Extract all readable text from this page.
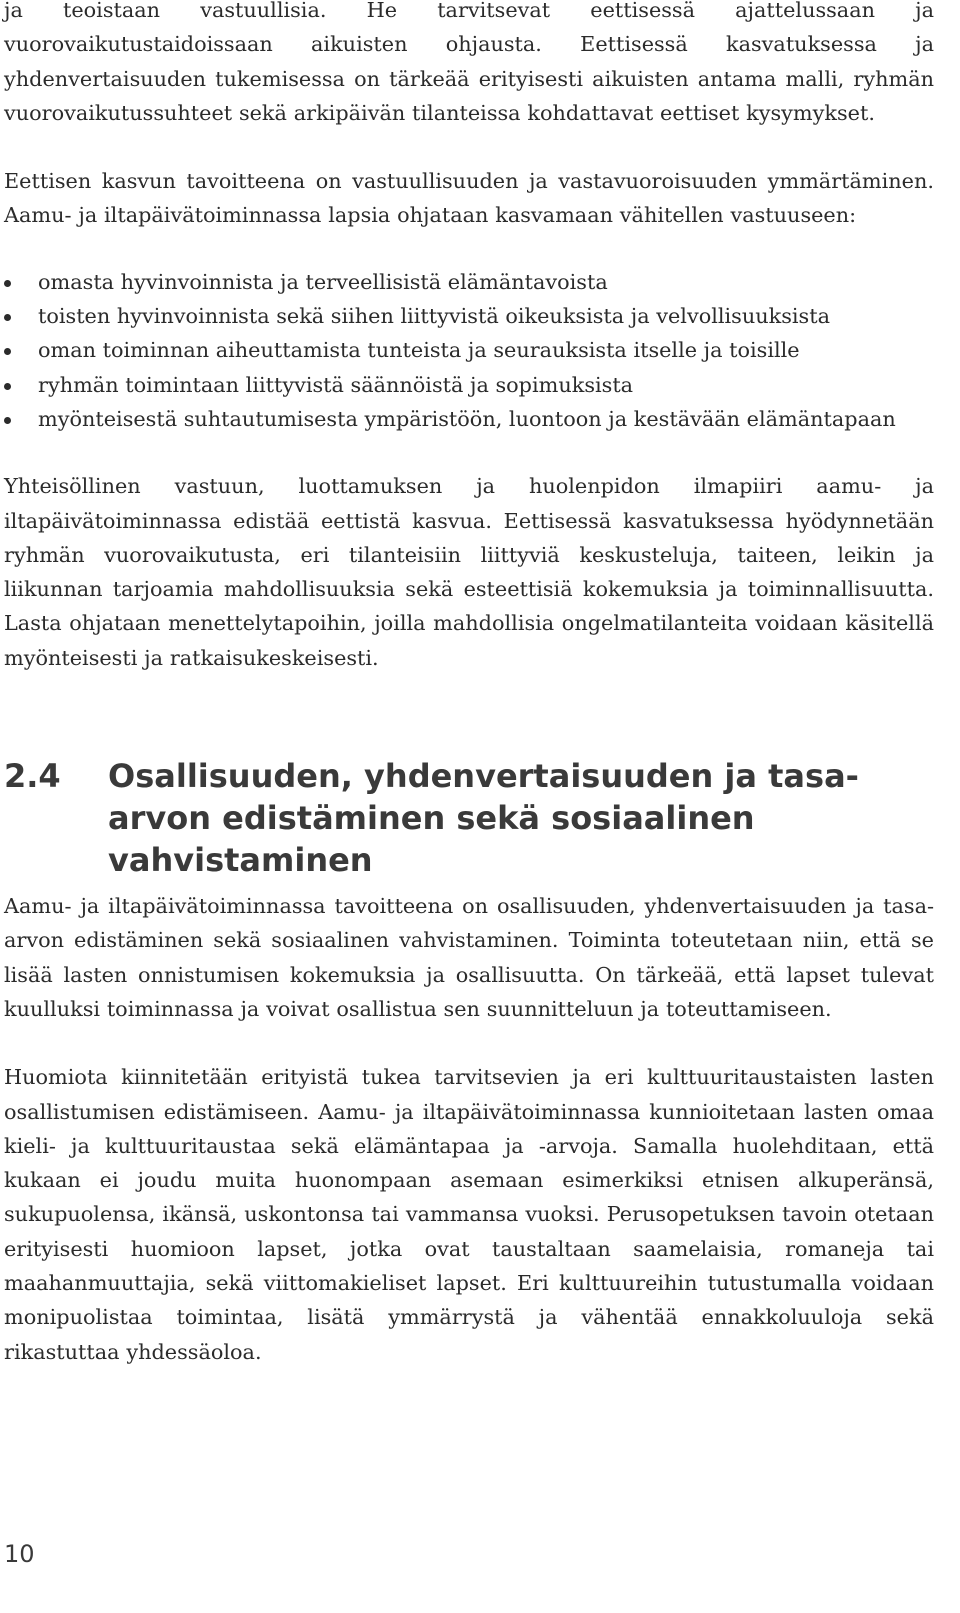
ja teoistaan vastuullisia. He tarvitsevat eettisessä ajattelussaan ja vuorovaikutustaidoissaan aikuisten ohjausta. Eettisessä kasvatuksessa ja yhdenvertaisuuden tukemisessa on tärkeää erityisesti aikuisten antama malli, ryhmän vuorovaikutussuhteet sekä arkipäivän tilanteissa kohdattavat eettiset kysymykset.

Eettisen kasvun tavoitteena on vastuullisuuden ja vastavuoroisuuden ymmärtäminen. Aamu- ja iltapäivätoiminnassa lapsia ohjataan kasvamaan vähitellen vastuuseen:

omasta hyvinvoinnista ja terveellisistä elämäntavoista
toisten hyvinvoinnista sekä siihen liittyvistä oikeuksista ja velvollisuuksista
oman toiminnan aiheuttamista tunteista ja seurauksista itselle ja toisille
ryhmän toimintaan liittyvistä säännöistä ja sopimuksista
myönteisestä suhtautumisesta ympäristöön, luontoon ja kestävään elämäntapaan

Yhteisöllinen vastuun, luottamuksen ja huolenpidon ilmapiiri aamu- ja iltapäivätoiminnassa edistää eettistä kasvua. Eettisessä kasvatuksessa hyödynnetään ryhmän vuorovaikutusta, eri tilanteisiin liittyviä keskusteluja, taiteen, leikin ja liikunnan tarjoamia mahdollisuuksia sekä esteettisiä kokemuksia ja toiminnallisuutta. Lasta ohjataan menettelytapoihin, joilla mahdollisia ongelmatilanteita voidaan käsitellä myönteisesti ja ratkaisukeskeisesti.

2.4	Osallisuuden, yhdenvertaisuuden ja tasa-arvon edistäminen sekä sosiaalinen vahvistaminen

Aamu- ja iltapäivätoiminnassa tavoitteena on osallisuuden, yhdenvertaisuuden ja tasa-arvon edistäminen sekä sosiaalinen vahvistaminen. Toiminta toteutetaan niin, että se lisää lasten onnistumisen kokemuksia ja osallisuutta. On tärkeää, että lapset tulevat kuulluksi toiminnassa ja voivat osallistua sen suunnitteluun ja toteuttamiseen.

Huomiota kiinnitetään erityistä tukea tarvitsevien ja eri kulttuuritaustaisten lasten osallistumisen edistämiseen. Aamu- ja iltapäivätoiminnassa kunnioitetaan lasten omaa kieli- ja kulttuuritaustaa sekä elämäntapaa ja -arvoja. Samalla huolehditaan, että kukaan ei joudu muita huonompaan asemaan esimerkiksi etnisen alkuperänsä, sukupuolensa, ikänsä, uskontonsa tai vammansa vuoksi. Perusopetuksen tavoin otetaan erityisesti huomioon lapset, jotka ovat taustaltaan saamelaisia, romaneja tai maahanmuuttajia, sekä viittomakieliset lapset. Eri kulttuureihin tutustumalla voidaan monipuolistaa toimintaa, lisätä ymmärrystä ja vähentää ennakkoluuloja sekä rikastuttaa yhdessäoloa.

10
